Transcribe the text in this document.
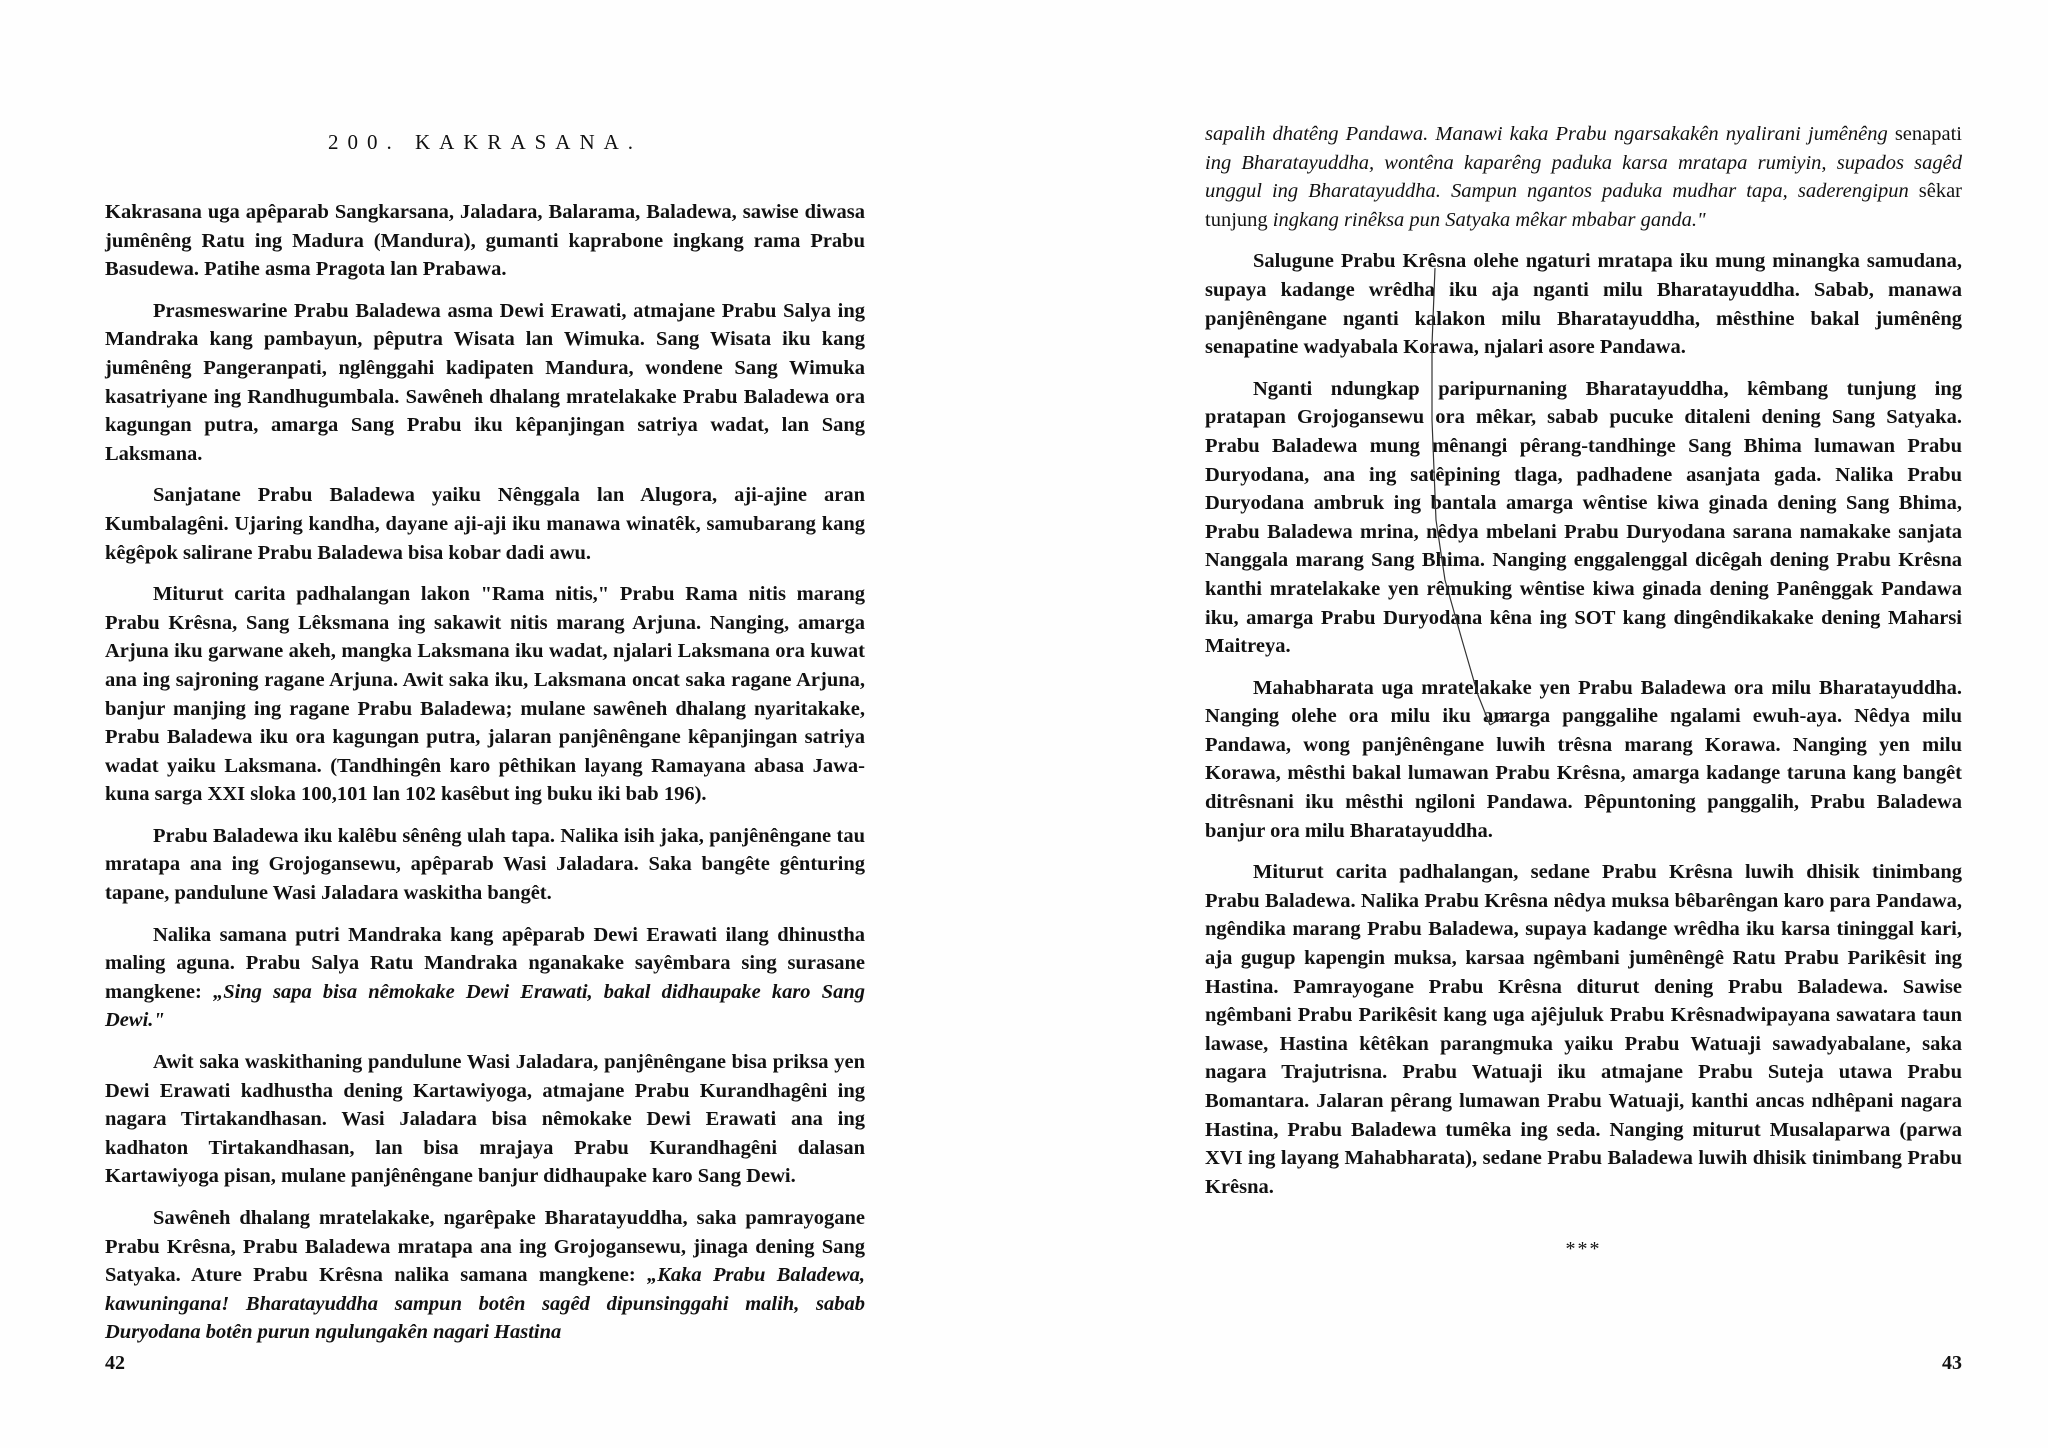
200. KAKRASANA.

Kakrasana uga apêparab Sangkarsana, Jaladara, Balarama, Baladewa, sawise diwasa jumênêng Ratu ing Madura (Mandura), gumanti kaprabone ingkang rama Prabu Basudewa. Patihe asma Pragota lan Prabawa.

Prasmeswarine Prabu Baladewa asma Dewi Erawati, atmajane Prabu Salya ing Mandraka kang pambayun, pêputra Wisata lan Wimuka. Sang Wisata iku kang jumênêng Pangeranpati, nglênggahi kadipaten Mandura, wondene Sang Wimuka kasatriyane ing Randhugumbala. Sawêneh dhalang mratelakake Prabu Baladewa ora kagungan putra, amarga Sang Prabu iku kêpanjingan satriya wadat, lan Sang Laksmana.

Sanjatane Prabu Baladewa yaiku Nênggala lan Alugora, aji-ajine aran Kumbalagêni. Ujaring kandha, dayane aji-aji iku manawa winatêk, samubarang kang kêgêpok salirane Prabu Baladewa bisa kobar dadi awu.

Miturut carita padhalangan lakon "Rama nitis," Prabu Rama nitis marang Prabu Krêsna, Sang Lêksmana ing sakawit nitis marang Arjuna. Nanging, amarga Arjuna iku garwane akeh, mangka Laksmana iku wadat, njalari Laksmana ora kuwat ana ing sajroning ragane Arjuna. Awit saka iku, Laksmana oncat saka ragane Arjuna, banjur manjing ing ragane Prabu Baladewa; mulane sawêneh dhalang nyaritakake, Prabu Baladewa iku ora kagungan putra, jalaran panjênêngane kêpanjingan satriya wadat yaiku Laksmana. (Tandhingên karo pêthikan layang Ramayana abasa Jawa-kuna sarga XXI sloka 100,101 lan 102 kasêbut ing buku iki bab 196).

Prabu Baladewa iku kalêbu sênêng ulah tapa. Nalika isih jaka, panjênêngane tau mratapa ana ing Grojogansewu, apêparab Wasi Jaladara. Saka bangête gênturing tapane, pandulune Wasi Jaladara waskitha bangêt.

Nalika samana putri Mandraka kang apêparab Dewi Erawati ilang dhinustha maling aguna. Prabu Salya Ratu Mandraka nganakake sayêmbara sing surasane mangkene: „Sing sapa bisa nêmokake Dewi Erawati, bakal didhaupake karo Sang Dewi."

Awit saka waskithaning pandulune Wasi Jaladara, panjênêngane bisa priksa yen Dewi Erawati kadhustha dening Kartawiyoga, atmajane Prabu Kurandhagêni ing nagara Tirtakandhasan. Wasi Jaladara bisa nêmokake Dewi Erawati ana ing kadhaton Tirtakandhasan, lan bisa mrajaya Prabu Kurandhagêni dalasan Kartawiyoga pisan, mulane panjênêngane banjur didhaupake karo Sang Dewi.

Sawêneh dhalang mratelakake, ngarêpake Bharatayuddha, saka pamrayogane Prabu Krêsna, Prabu Baladewa mratapa ana ing Grojogansewu, jinaga dening Sang Satyaka. Ature Prabu Krêsna nalika samana mangkene: „Kaka Prabu Baladewa, kawuningana! Bharatayuddha sampun botên sagêd dipunsinggahi malih, sabab Duryodana botên purun ngulungakên nagari Hastina

42

sapalih dhatêng Pandawa. Manawi kaka Prabu ngarsakakên nyalirani jumênêng senapati ing Bharatayuddha, wontêna kaparêng paduka karsa mratapa rumiyin, supados sagêd unggul ing Bharatayuddha. Sampun ngantos paduka mudhar tapa, saderengipun sêkar tunjung ingkang rinêksa pun Satyaka mêkar mbabar ganda."

Salugune Prabu Krêsna olehe ngaturi mratapa iku mung minangka samudana, supaya kadange wrêdha iku aja nganti milu Bharatayuddha. Sabab, manawa panjênêngane nganti kalakon milu Bharatayuddha, mêsthine bakal jumênêng senapatine wadyabala Korawa, njalari asore Pandawa.

Nganti ndungkap paripurnaning Bharatayuddha, kêmbang tunjung ing pratapan Grojogansewu ora mêkar, sabab pucuke ditaleni dening Sang Satyaka. Prabu Baladewa mung mênangi pêrang-tandhinge Sang Bhima lumawan Prabu Duryodana, ana ing satêpining tlaga, padhadene asanjata gada. Nalika Prabu Duryodana ambruk ing bantala amarga wêntise kiwa ginada dening Sang Bhima, Prabu Baladewa mrina, nêdya mbelani Prabu Duryodana sarana namakake sanjata Nanggala marang Sang Bhima. Nanging enggalenggal dicêgah dening Prabu Krêsna kanthi mratelakake yen rêmuking wêntise kiwa ginada dening Panênggak Pandawa iku, amarga Prabu Duryodana kêna ing SOT kang dingêndikakake dening Maharsi Maitreya.

Mahabharata uga mratelakake yen Prabu Baladewa ora milu Bharatayuddha. Nanging olehe ora milu iku amarga panggalihe ngalami ewuh-aya. Nêdya milu Pandawa, wong panjênêngane luwih trêsna marang Korawa. Nanging yen milu Korawa, mêsthi bakal lumawan Prabu Krêsna, amarga kadange taruna kang bangêt ditrêsnani iku mêsthi ngiloni Pandawa. Pêpuntoning panggalih, Prabu Baladewa banjur ora milu Bharatayuddha.

Miturut carita padhalangan, sedane Prabu Krêsna luwih dhisik tinimbang Prabu Baladewa. Nalika Prabu Krêsna nêdya muksa bêbarêngan karo para Pandawa, ngêndika marang Prabu Baladewa, supaya kadange wrêdha iku karsa tininggal kari, aja gugup kapengin muksa, karsaa ngêmbani jumênêngê Ratu Prabu Parikêsit ing Hastina. Pamrayogane Prabu Krêsna diturut dening Prabu Baladewa. Sawise ngêmbani Prabu Parikêsit kang uga ajêjuluk Prabu Krêsnadwipayana sawatara taun lawase, Hastina kêtêkan parangmuka yaiku Prabu Watuaji sawadyabalane, saka nagara Trajutrisna. Prabu Watuaji iku atmajane Prabu Suteja utawa Prabu Bomantara. Jalaran pêrang lumawan Prabu Watuaji, kanthi ancas ndhêpani nagara Hastina, Prabu Baladewa tumêka ing seda. Nanging miturut Musalaparwa (parwa XVI ing layang Mahabharata), sedane Prabu Baladewa luwih dhisik tinimbang Prabu Krêsna.

***
43
